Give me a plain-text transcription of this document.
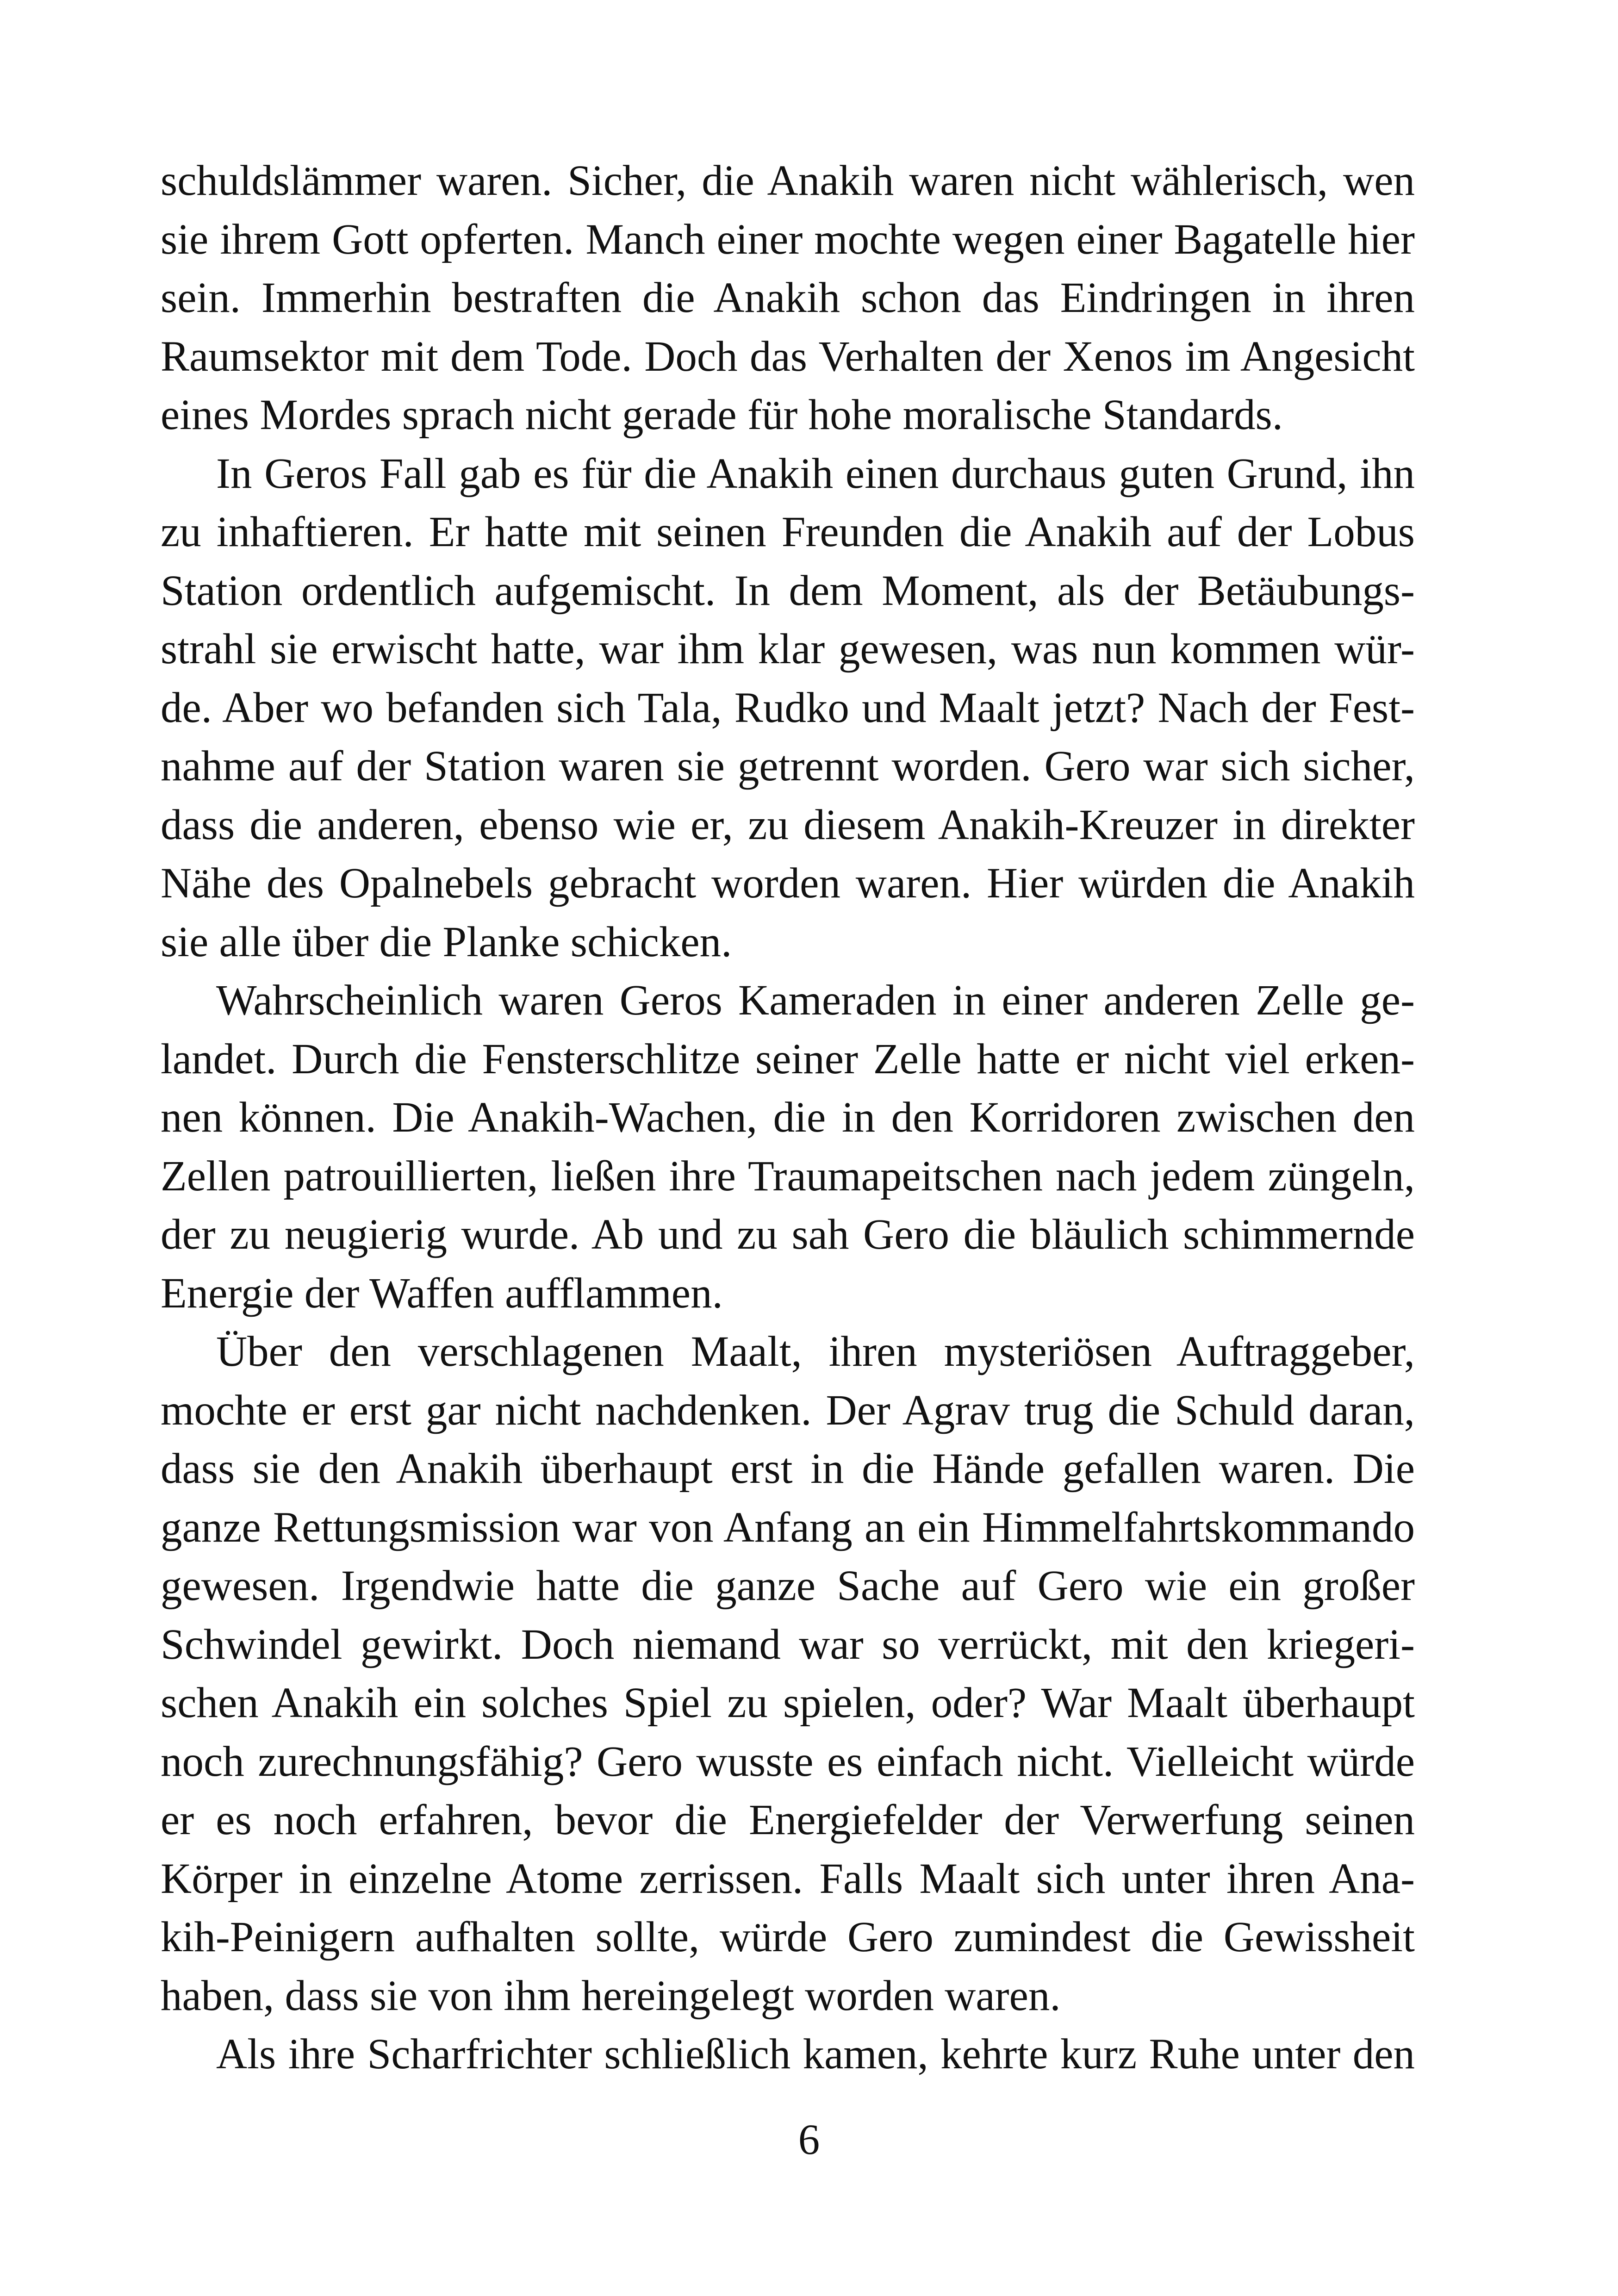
schuldslämmer waren. Sicher, die Anakih waren nicht wählerisch, wen
sie ihrem Gott opferten. Manch einer mochte wegen einer Bagatelle hier
sein. Immerhin bestraften die Anakih schon das Eindringen in ihren
Raumsektor mit dem Tode. Doch das Verhalten der Xenos im Angesicht
eines Mordes sprach nicht gerade für hohe moralische Standards.
In Geros Fall gab es für die Anakih einen durchaus guten Grund, ihn
zu inhaftieren. Er hatte mit seinen Freunden die Anakih auf der Lobus
Station ordentlich aufgemischt. In dem Moment, als der Betäubungs-
strahl sie erwischt hatte, war ihm klar gewesen, was nun kommen wür-
de. Aber wo befanden sich Tala, Rudko und Maalt jetzt? Nach der Fest-
nahme auf der Station waren sie getrennt worden. Gero war sich sicher,
dass die anderen, ebenso wie er, zu diesem Anakih-Kreuzer in direkter
Nähe des Opalnebels gebracht worden waren. Hier würden die Anakih
sie alle über die Planke schicken.
Wahrscheinlich waren Geros Kameraden in einer anderen Zelle ge-
landet. Durch die Fensterschlitze seiner Zelle hatte er nicht viel erken-
nen können. Die Anakih-Wachen, die in den Korridoren zwischen den
Zellen patrouillierten, ließen ihre Traumapeitschen nach jedem züngeln,
der zu neugierig wurde. Ab und zu sah Gero die bläulich schimmernde
Energie der Waffen aufflammen.
Über den verschlagenen Maalt, ihren mysteriösen Auftraggeber,
mochte er erst gar nicht nachdenken. Der Agrav trug die Schuld daran,
dass sie den Anakih überhaupt erst in die Hände gefallen waren. Die
ganze Rettungsmission war von Anfang an ein Himmelfahrtskommando
gewesen. Irgendwie hatte die ganze Sache auf Gero wie ein großer
Schwindel gewirkt. Doch niemand war so verrückt, mit den kriegeri-
schen Anakih ein solches Spiel zu spielen, oder? War Maalt überhaupt
noch zurechnungsfähig? Gero wusste es einfach nicht. Vielleicht würde
er es noch erfahren, bevor die Energiefelder der Verwerfung seinen
Körper in einzelne Atome zerrissen. Falls Maalt sich unter ihren Ana-
kih-Peinigern aufhalten sollte, würde Gero zumindest die Gewissheit
haben, dass sie von ihm hereingelegt worden waren.
Als ihre Scharfrichter schließlich kamen, kehrte kurz Ruhe unter den
6
